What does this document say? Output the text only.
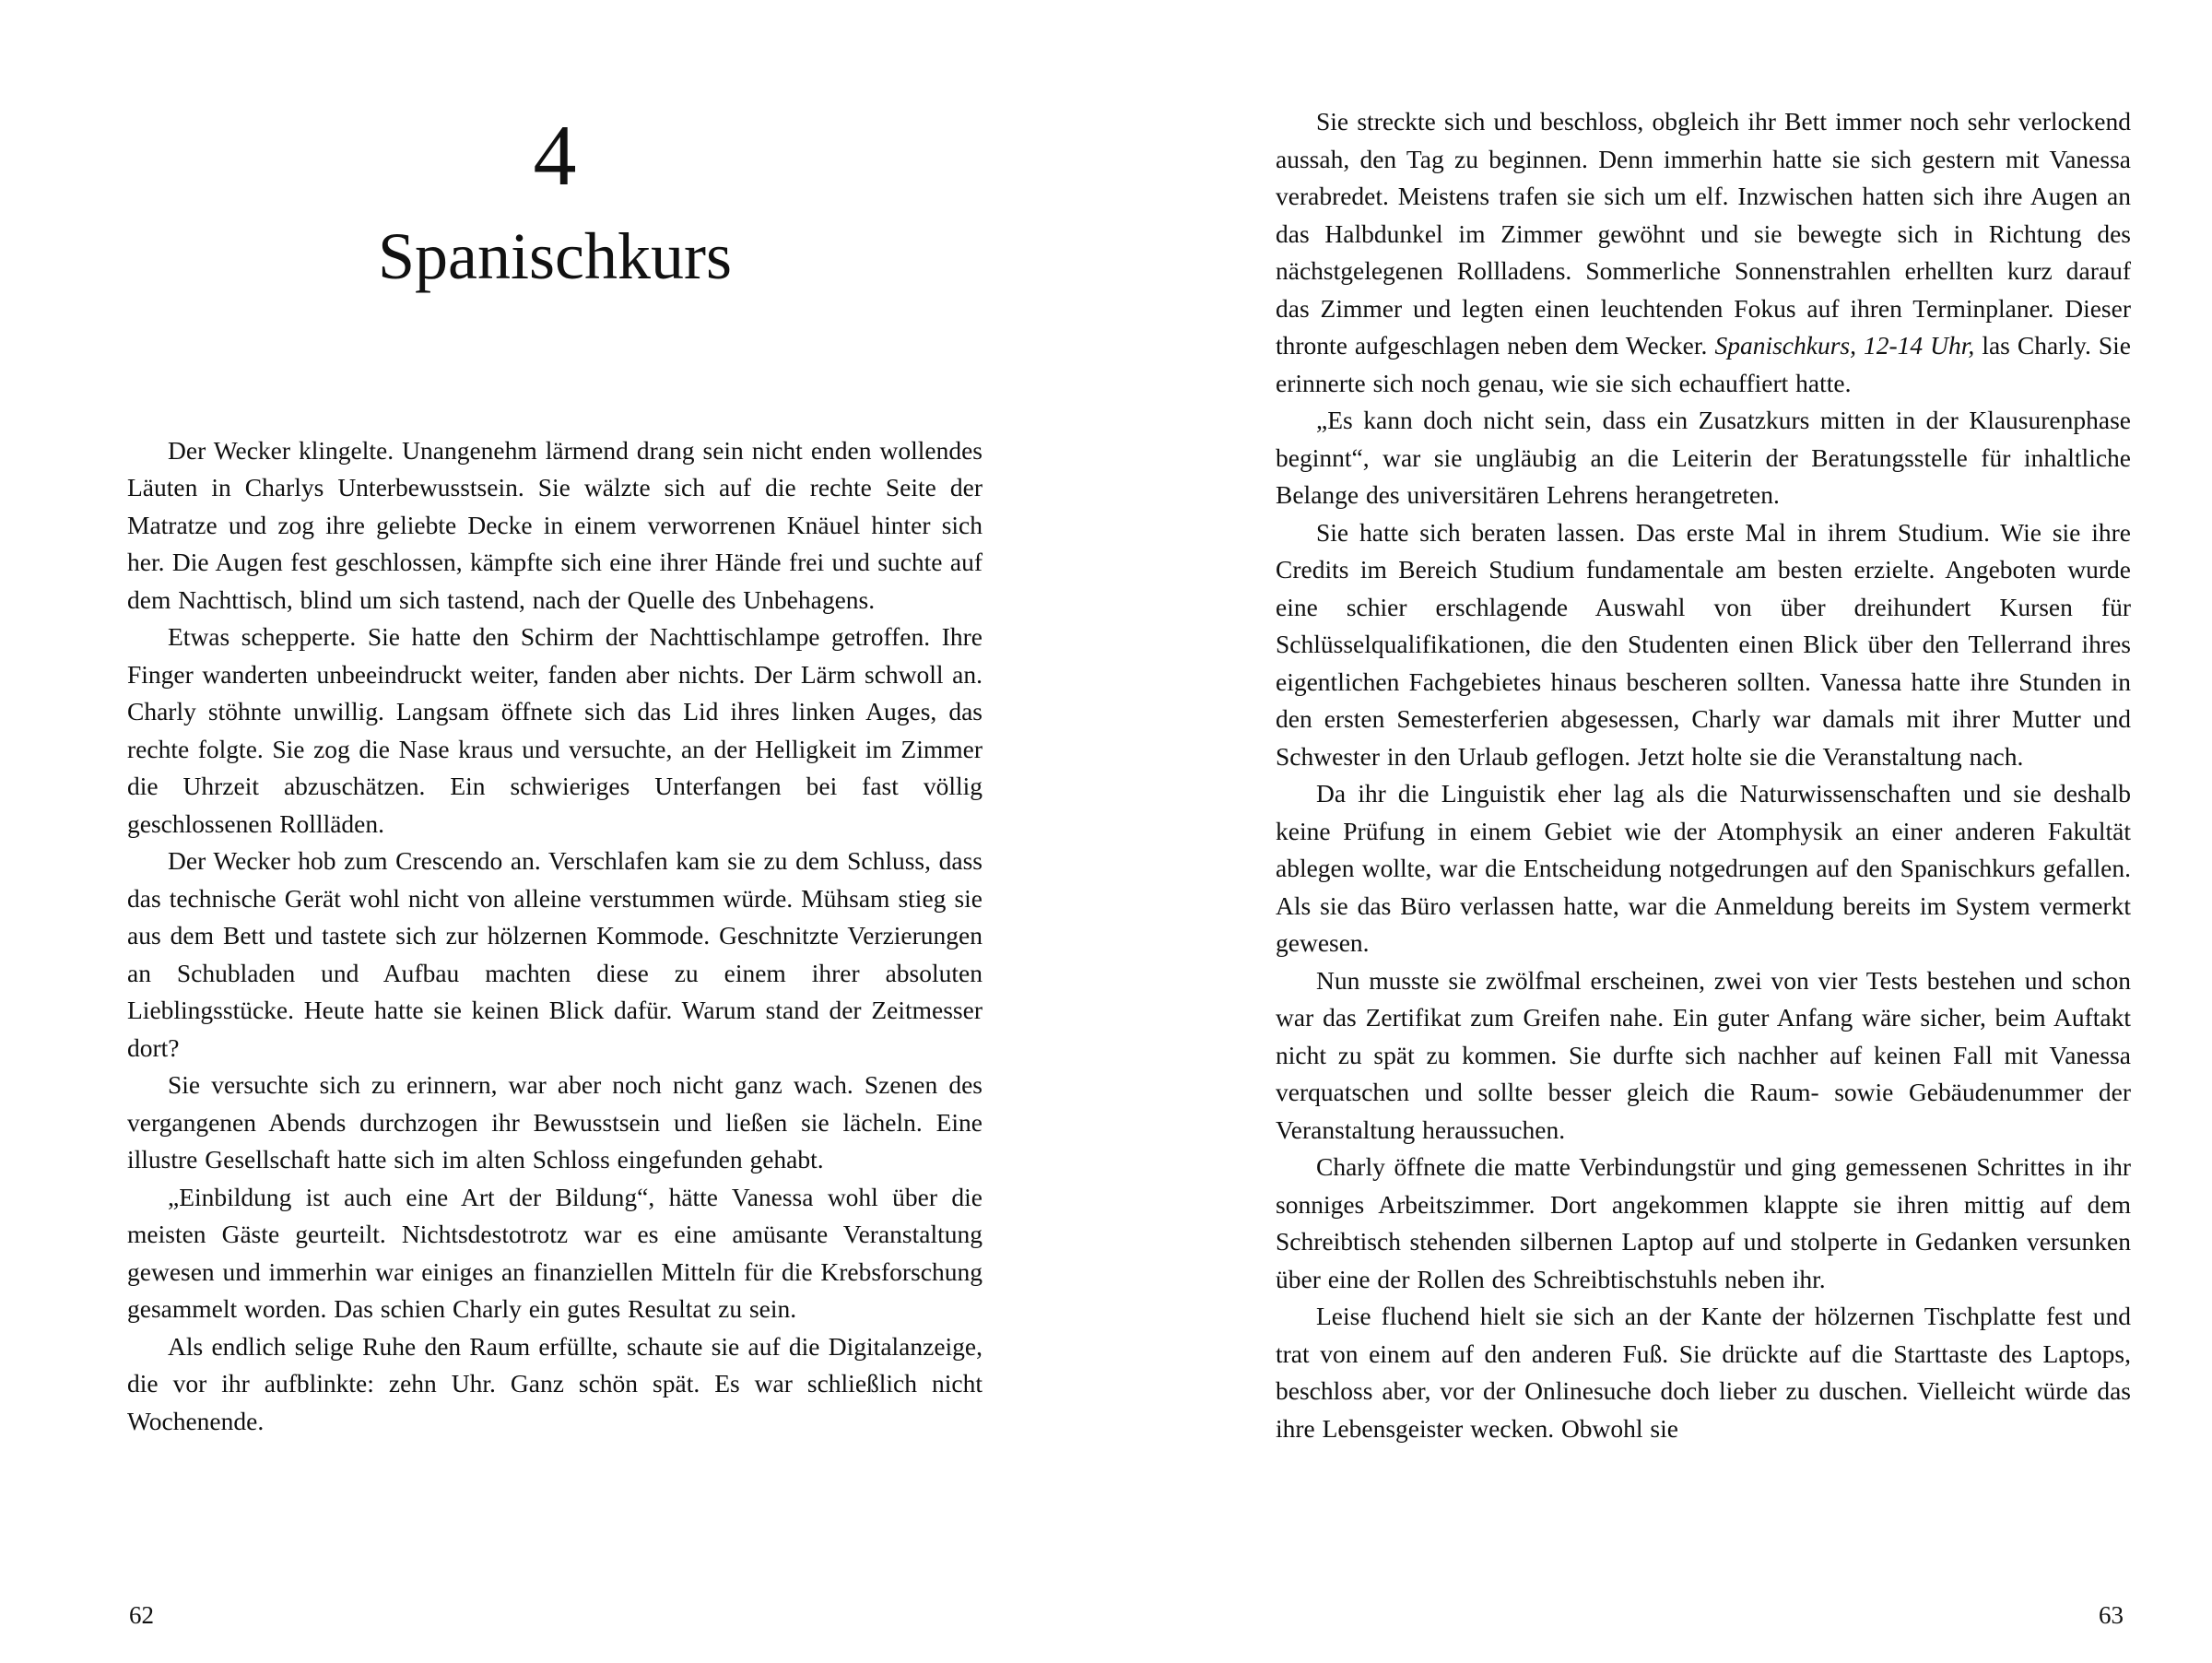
4
Spanischkurs

Der Wecker klingelte. Unangenehm lärmend drang sein nicht enden wollendes Läuten in Charlys Unterbewusstsein. Sie wälzte sich auf die rechte Seite der Matratze und zog ihre geliebte Decke in einem verworrenen Knäuel hinter sich her. Die Augen fest geschlossen, kämpfte sich eine ihrer Hände frei und suchte auf dem Nachttisch, blind um sich tastend, nach der Quelle des Unbehagens.

Etwas schepperte. Sie hatte den Schirm der Nachttischlampe getroffen. Ihre Finger wanderten unbeeindruckt weiter, fanden aber nichts. Der Lärm schwoll an. Charly stöhnte unwillig. Langsam öffnete sich das Lid ihres linken Auges, das rechte folgte. Sie zog die Nase kraus und versuchte, an der Helligkeit im Zimmer die Uhrzeit abzuschätzen. Ein schwieriges Unterfangen bei fast völlig geschlossenen Rollläden.

Der Wecker hob zum Crescendo an. Verschlafen kam sie zu dem Schluss, dass das technische Gerät wohl nicht von alleine verstummen würde. Mühsam stieg sie aus dem Bett und tastete sich zur hölzernen Kommode. Geschnitzte Verzierungen an Schubladen und Aufbau machten diese zu einem ihrer absoluten Lieblingsstücke. Heute hatte sie keinen Blick dafür. Warum stand der Zeitmesser dort?

Sie versuchte sich zu erinnern, war aber noch nicht ganz wach. Szenen des vergangenen Abends durchzogen ihr Bewusstsein und ließen sie lächeln. Eine illustre Gesellschaft hatte sich im alten Schloss eingefunden gehabt.

„Einbildung ist auch eine Art der Bildung“, hätte Vanessa wohl über die meisten Gäste geurteilt. Nichtsdestotrotz war es eine amüsante Veranstaltung gewesen und immerhin war einiges an finanziellen Mitteln für die Krebsforschung gesammelt worden. Das schien Charly ein gutes Resultat zu sein.

Als endlich selige Ruhe den Raum erfüllte, schaute sie auf die Digitalanzeige, die vor ihr aufblinkte: zehn Uhr. Ganz schön spät. Es war schließlich nicht Wochenende.

Sie streckte sich und beschloss, obgleich ihr Bett immer noch sehr verlockend aussah, den Tag zu beginnen. Denn immerhin hatte sie sich gestern mit Vanessa verabredet. Meistens trafen sie sich um elf. Inzwischen hatten sich ihre Augen an das Halbdunkel im Zimmer gewöhnt und sie bewegte sich in Richtung des nächstgelegenen Rollladens. Sommerliche Sonnenstrahlen erhellten kurz darauf das Zimmer und legten einen leuchtenden Fokus auf ihren Terminplaner. Dieser thronte aufgeschlagen neben dem Wecker. Spanischkurs, 12-14 Uhr, las Charly. Sie erinnerte sich noch genau, wie sie sich echauffiert hatte.

„Es kann doch nicht sein, dass ein Zusatzkurs mitten in der Klausurenphase beginnt“, war sie ungläubig an die Leiterin der Beratungsstelle für inhaltliche Belange des universitären Lehrens herangetreten.

Sie hatte sich beraten lassen. Das erste Mal in ihrem Studium. Wie sie ihre Credits im Bereich Studium fundamentale am besten erzielte. Angeboten wurde eine schier erschlagende Auswahl von über dreihundert Kursen für Schlüsselqualifikationen, die den Studenten einen Blick über den Tellerrand ihres eigentlichen Fachgebietes hinaus bescheren sollten. Vanessa hatte ihre Stunden in den ersten Semesterferien abgesessen, Charly war damals mit ihrer Mutter und Schwester in den Urlaub geflogen. Jetzt holte sie die Veranstaltung nach.

Da ihr die Linguistik eher lag als die Naturwissenschaften und sie deshalb keine Prüfung in einem Gebiet wie der Atomphysik an einer anderen Fakultät ablegen wollte, war die Entscheidung notgedrungen auf den Spanischkurs gefallen. Als sie das Büro verlassen hatte, war die Anmeldung bereits im System vermerkt gewesen.

Nun musste sie zwölfmal erscheinen, zwei von vier Tests bestehen und schon war das Zertifikat zum Greifen nahe. Ein guter Anfang wäre sicher, beim Auftakt nicht zu spät zu kommen. Sie durfte sich nachher auf keinen Fall mit Vanessa verquatschen und sollte besser gleich die Raum- sowie Gebäudenummer der Veranstaltung heraussuchen.

Charly öffnete die matte Verbindungstür und ging gemessenen Schrittes in ihr sonniges Arbeitszimmer. Dort angekommen klappte sie ihren mittig auf dem Schreibtisch stehenden silbernen Laptop auf und stolperte in Gedanken versunken über eine der Rollen des Schreibtischstuhls neben ihr.

Leise fluchend hielt sie sich an der Kante der hölzernen Tischplatte fest und trat von einem auf den anderen Fuß. Sie drückte auf die Starttaste des Laptops, beschloss aber, vor der Onlinesuche doch lieber zu duschen. Vielleicht würde das ihre Lebensgeister wecken. Obwohl sie

62	63
